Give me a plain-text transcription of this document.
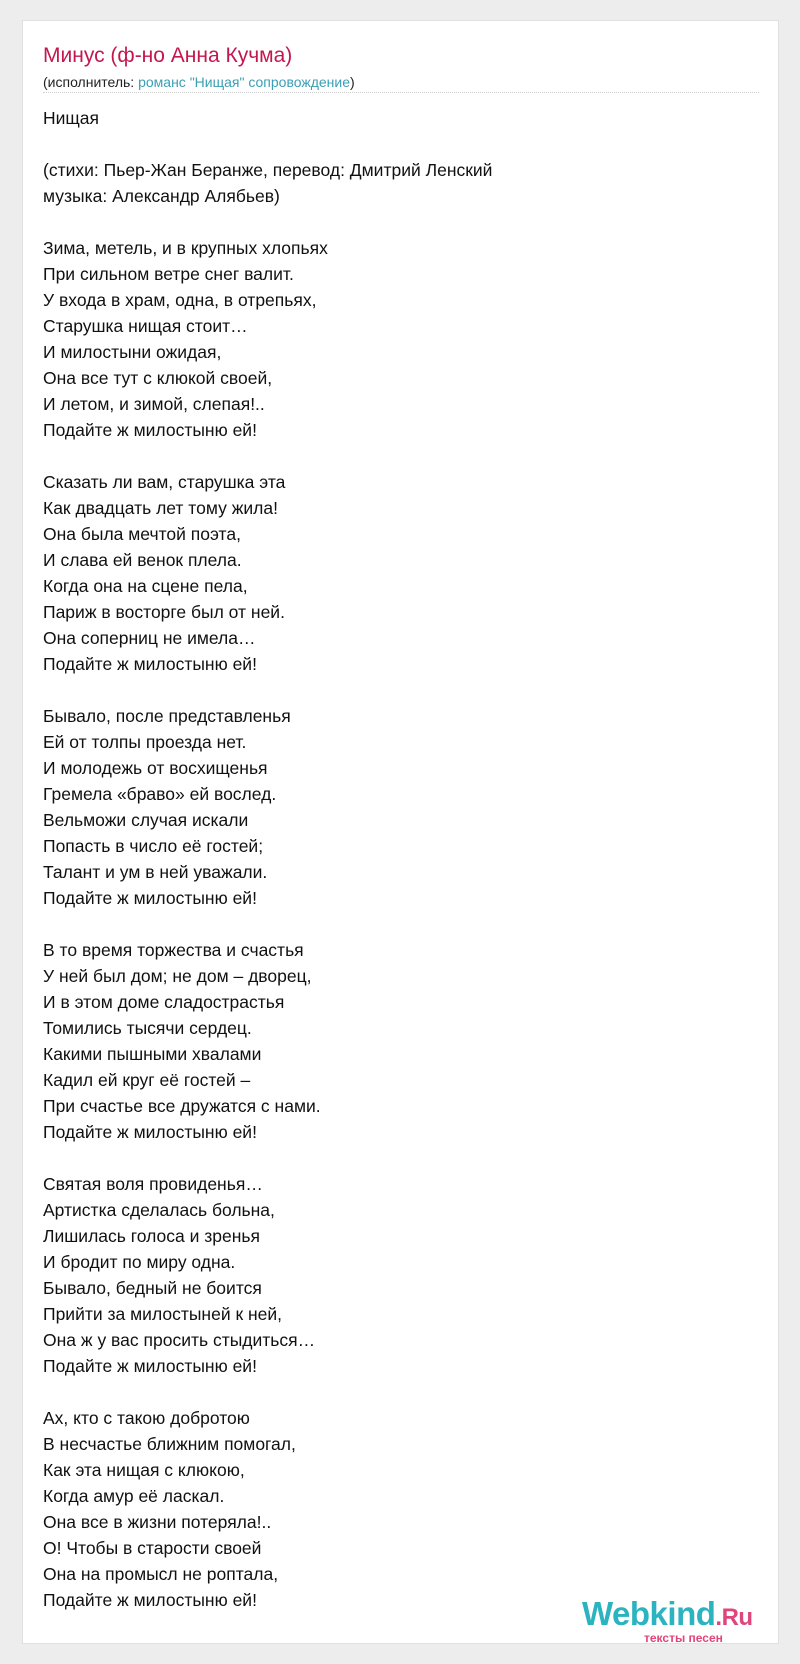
Минус (ф-но Анна Кучма)
(исполнитель: романс "Нищая" сопровождение)
Нищая
(стихи: Пьер-Жан Беранже, перевод: Дмитрий Ленский
музыка: Александр Алябьев)
Зима, метель, и в крупных хлопьях
При сильном ветре снег валит.
У входа в храм, одна, в отрепьях,
Старушка нищая стоит…
И милостыни ожидая,
Она все тут с клюкой своей,
И летом, и зимой, слепая!..
Подайте ж милостыню ей!
Сказать ли вам, старушка эта
Как двадцать лет тому жила!
Она была мечтой поэта,
И слава ей венок плела.
Когда она на сцене пела,
Париж в восторге был от ней.
Она соперниц не имела…
Подайте ж милостыню ей!
Бывало, после представленья
Ей от толпы проезда нет.
И молодежь от восхищенья
Гремела «браво» ей вослед.
Вельможи случая искали
Попасть в число её гостей;
Талант и ум в ней уважали.
Подайте ж милостыню ей!
В то время торжества и счастья
У ней был дом; не дом – дворец,
И в этом доме сладострастья
Томились тысячи сердец.
Какими пышными хвалами
Кадил ей круг её гостей –
При счастье все дружатся с нами.
Подайте ж милостыню ей!
Святая воля провиденья…
Артистка сделалась больна,
Лишилась голоса и зренья
И бродит по миру одна.
Бывало, бедный не боится
Прийти за милостыней к ней,
Она ж у вас просить стыдиться…
Подайте ж милостыню ей!
Ах, кто с такою добротою
В несчастье ближним помогал,
Как эта нищая с клюкою,
Когда амур её ласкал.
Она все в жизни потеряла!..
О! Чтобы в старости своей
Она на промысл не роптала,
Подайте ж милостыню ей!	Webkind.Ru
тексты песен
